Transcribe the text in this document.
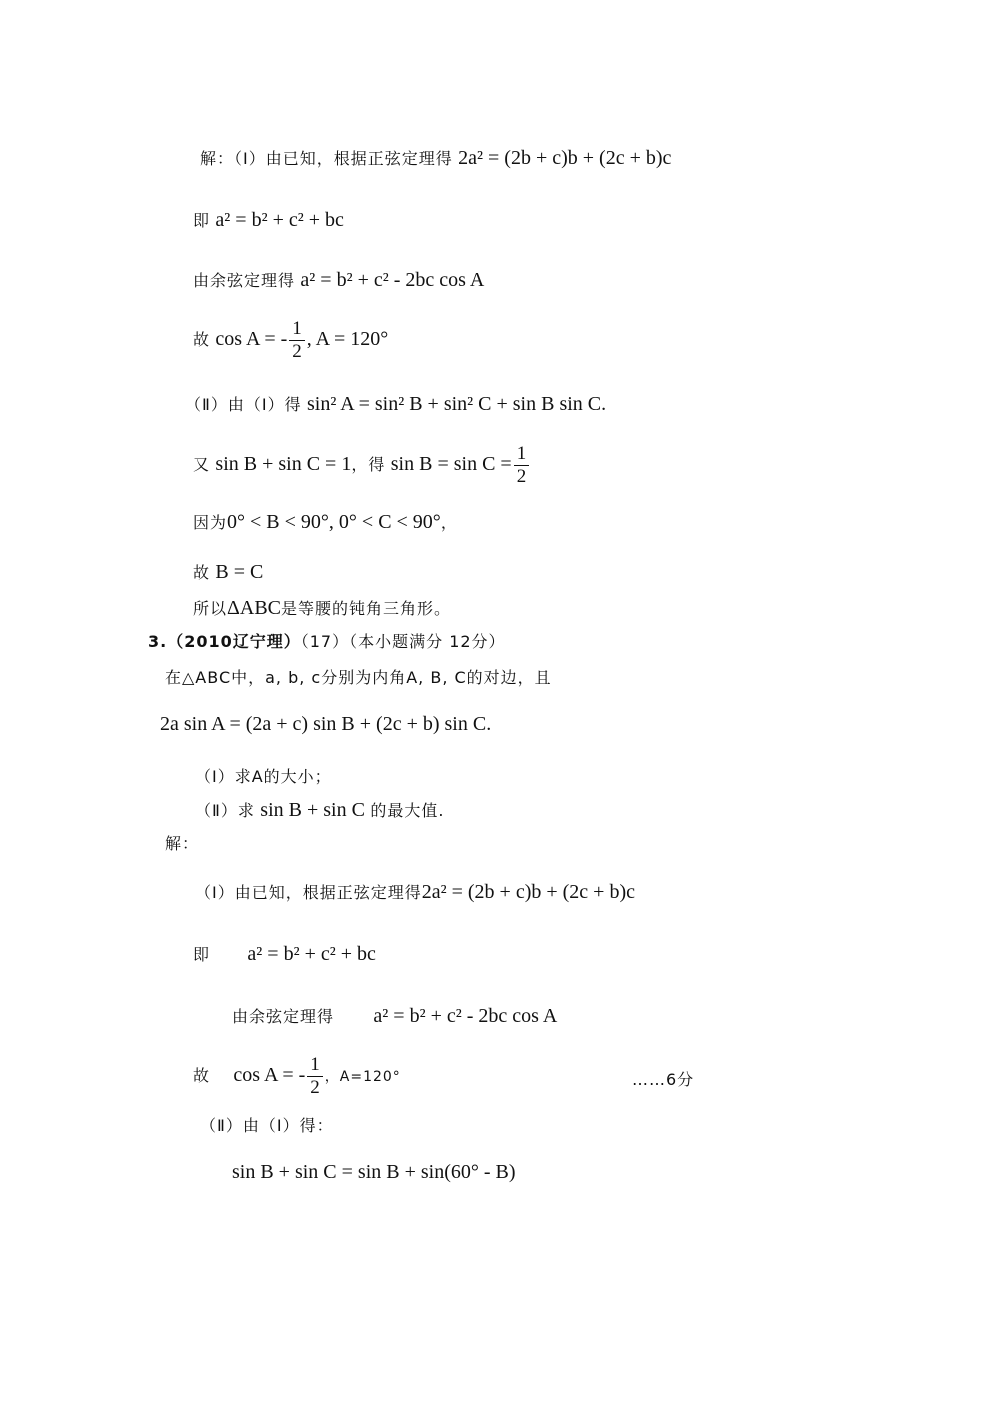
解：（Ⅰ）由已知，根据正弦定理得 2a² = (2b + c)b + (2c + b)c
即 a² = b² + c² + bc
由余弦定理得 a² = b² + c² - 2bc cos A
故 cos A = - $\frac{1}{2}$ , A = 120°
（Ⅱ）由（Ⅰ）得 sin² A = sin² B + sin² C + sin B sin C.
又 sin B + sin C = 1，得 $\sin B = \sin C = \frac{1}{2}$
因为0° < B < 90°, 0° < C < 90°，
故 B = C
所以ΔABC是等腰的钝角三角形。
3.（2010辽宁理）（17）（本小题满分 12分）
在△ABC中，a, b, c分别为内角A, B, C的对边，且
2a sin A = (2a + c) sin B + (2c + b) sin C.
（Ⅰ）求A的大小；
（Ⅱ）求 sin B + sin C 的最大值.
解：
（Ⅰ）由已知，根据正弦定理得2a² = (2b + c)b + (2c + b)c
即 a² = b² + c² + bc
由余弦定理得 a² = b² + c² - 2bc cos A
故 cos A = - $\frac{1}{2}$ ，A=120°	……6分
（Ⅱ）由（Ⅰ）得：
sin B + sin C = sin B + sin(60° - B)
